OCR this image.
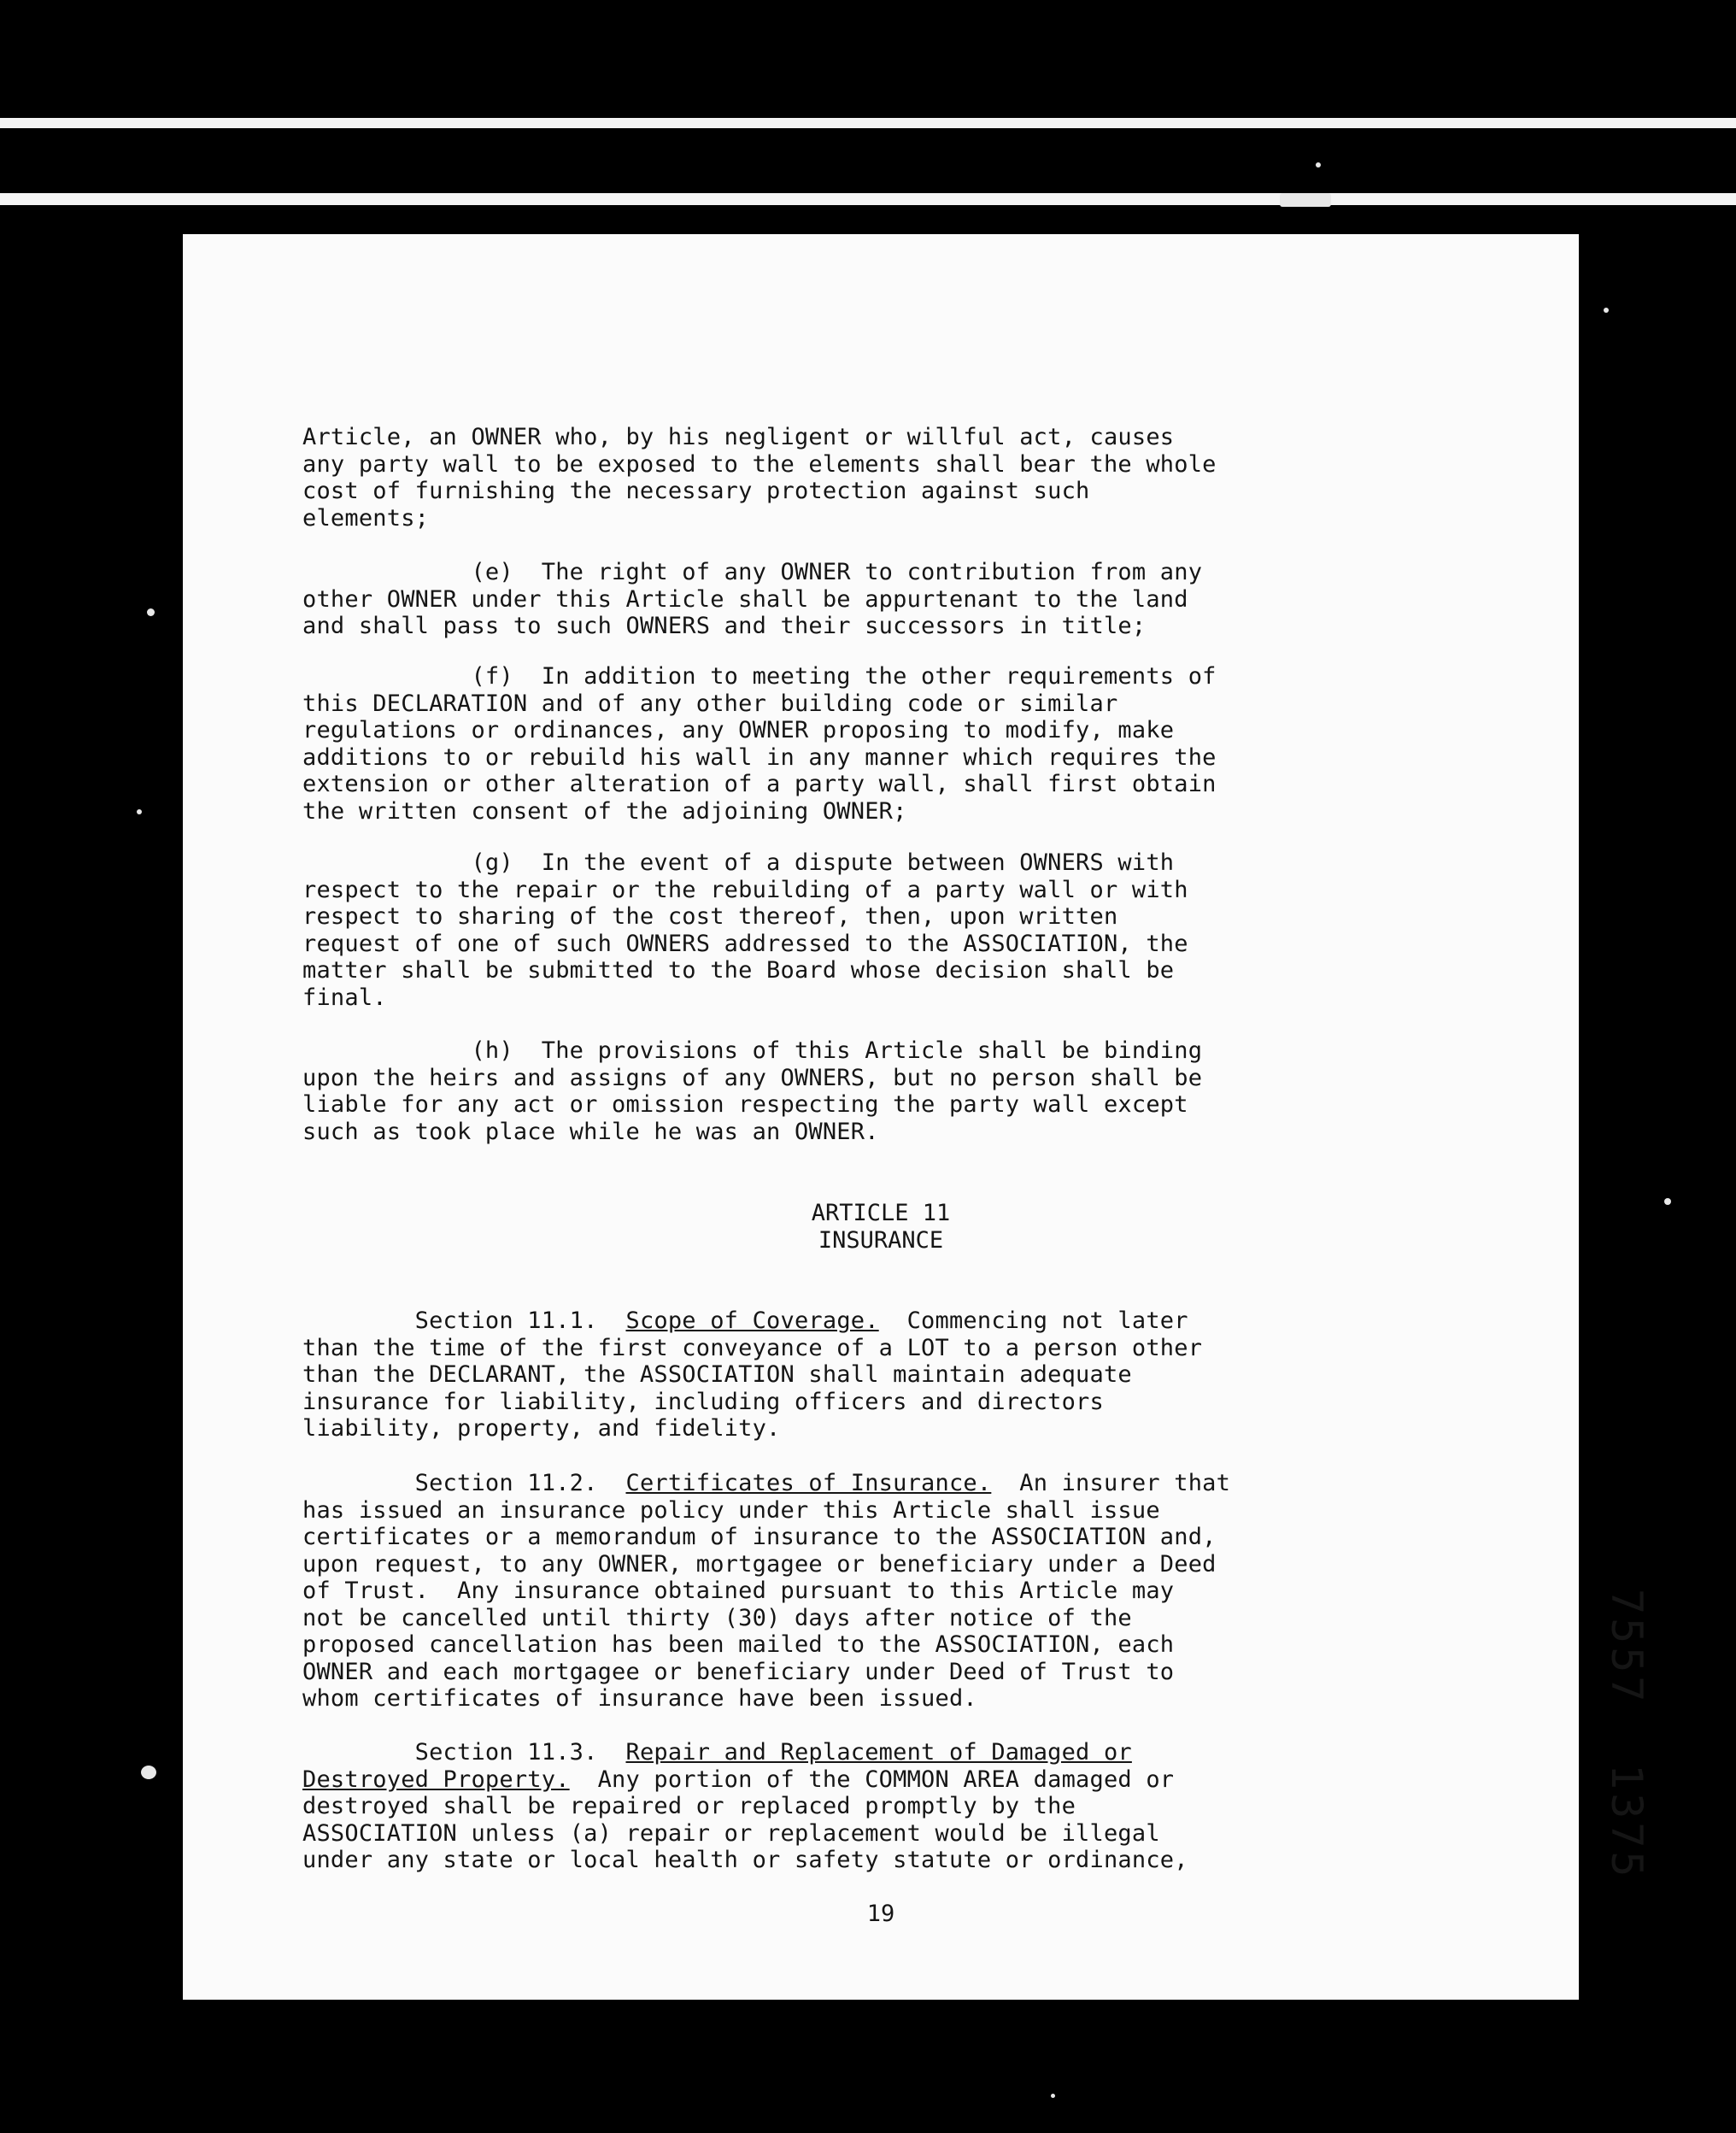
Article, an OWNER who, by his negligent or willful act, causes
any party wall to be exposed to the elements shall bear the whole
cost of furnishing the necessary protection against such
elements;
(e)  The right of any OWNER to contribution from any
other OWNER under this Article shall be appurtenant to the land
and shall pass to such OWNERS and their successors in title;
(f)  In addition to meeting the other requirements of
this DECLARATION and of any other building code or similar
regulations or ordinances, any OWNER proposing to modify, make
additions to or rebuild his wall in any manner which requires the
extension or other alteration of a party wall, shall first obtain
the written consent of the adjoining OWNER;
(g)  In the event of a dispute between OWNERS with
respect to the repair or the rebuilding of a party wall or with
respect to sharing of the cost thereof, then, upon written
request of one of such OWNERS addressed to the ASSOCIATION, the
matter shall be submitted to the Board whose decision shall be
final.
(h)  The provisions of this Article shall be binding
upon the heirs and assigns of any OWNERS, but no person shall be
liable for any act or omission respecting the party wall except
such as took place while he was an OWNER.
ARTICLE 11
INSURANCE
Section 11.1.  Scope of Coverage.  Commencing not later
than the time of the first conveyance of a LOT to a person other
than the DECLARANT, the ASSOCIATION shall maintain adequate
insurance for liability, including officers and directors
liability, property, and fidelity.
Section 11.2.  Certificates of Insurance.  An insurer that
has issued an insurance policy under this Article shall issue
certificates or a memorandum of insurance to the ASSOCIATION and,
upon request, to any OWNER, mortgagee or beneficiary under a Deed
of Trust.  Any insurance obtained pursuant to this Article may
not be cancelled until thirty (30) days after notice of the
proposed cancellation has been mailed to the ASSOCIATION, each
OWNER and each mortgagee or beneficiary under Deed of Trust to
whom certificates of insurance have been issued.
Section 11.3.  Repair and Replacement of Damaged or
Destroyed Property.  Any portion of the COMMON AREA damaged or
destroyed shall be repaired or replaced promptly by the
ASSOCIATION unless (a) repair or replacement would be illegal
under any state or local health or safety statute or ordinance,
19
7557
1375
